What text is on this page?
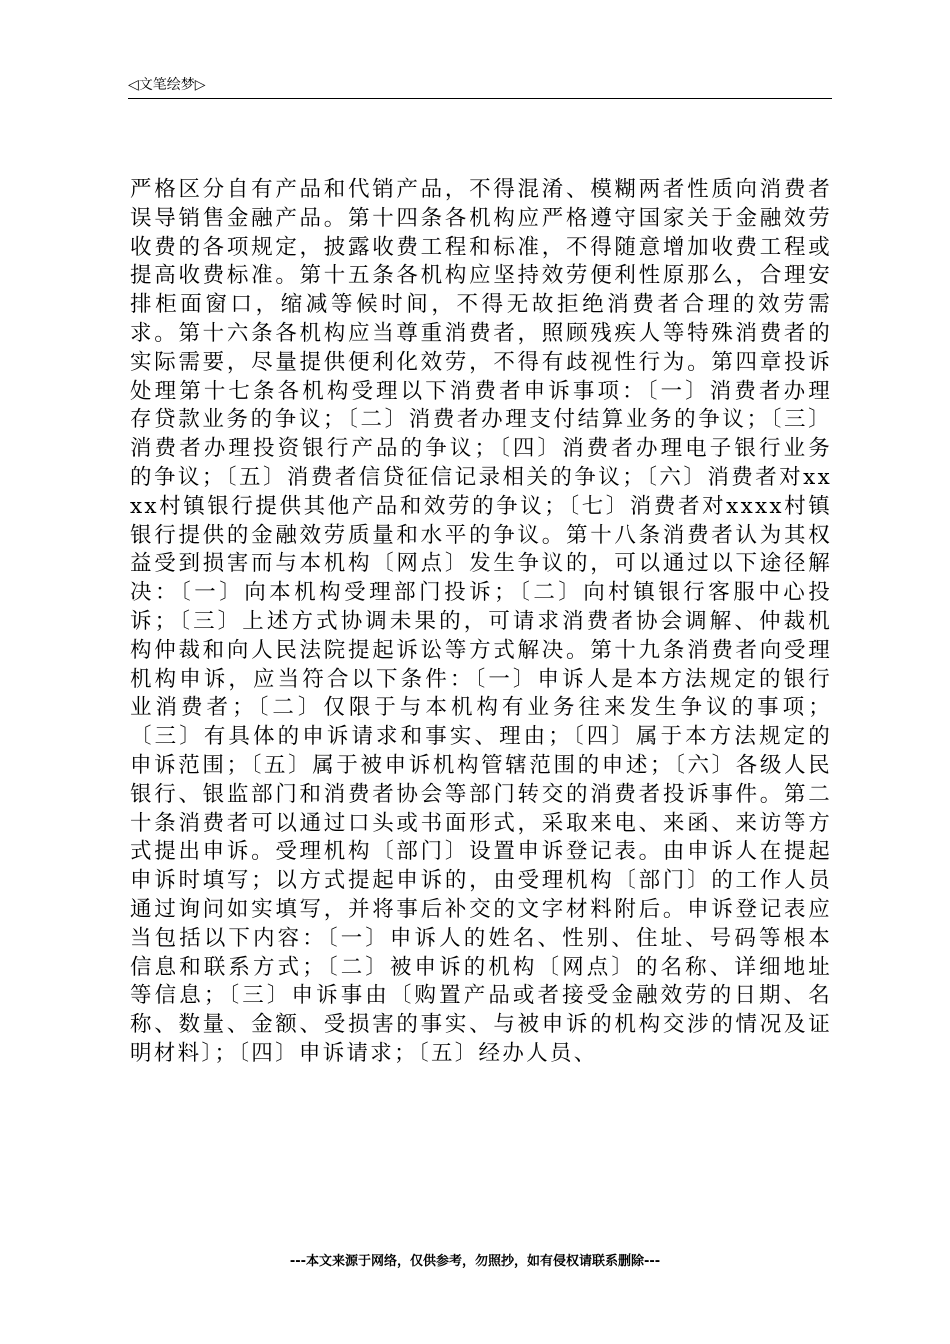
◁文笔绘梦▷
严格区分自有产品和代销产品，不得混淆、模糊两者性质向消费者误导销售金融产品。第十四条各机构应严格遵守国家关于金融效劳收费的各项规定，披露收费工程和标准，不得随意增加收费工程或提高收费标准。第十五条各机构应坚持效劳便利性原那么，合理安排柜面窗口，缩减等候时间，不得无故拒绝消费者合理的效劳需求。第十六条各机构应当尊重消费者，照顾残疾人等特殊消费者的实际需要，尽量提供便利化效劳，不得有歧视性行为。第四章投诉处理第十七条各机构受理以下消费者申诉事项：〔一〕消费者办理存贷款业务的争议；〔二〕消费者办理支付结算业务的争议；〔三〕消费者办理投资银行产品的争议；〔四〕消费者办理电子银行业务的争议；〔五〕消费者信贷征信记录相关的争议；〔六〕消费者对xxxx村镇银行提供其他产品和效劳的争议；〔七〕消费者对xxxx村镇银行提供的金融效劳质量和水平的争议。第十八条消费者认为其权益受到损害而与本机构〔网点〕发生争议的，可以通过以下途径解决：〔一〕向本机构受理部门投诉；〔二〕向村镇银行客服中心投诉；〔三〕上述方式协调未果的，可请求消费者协会调解、仲裁机构仲裁和向人民法院提起诉讼等方式解决。第十九条消费者向受理机构申诉，应当符合以下条件：〔一〕申诉人是本方法规定的银行业消费者；〔二〕仅限于与本机构有业务往来发生争议的事项；〔三〕有具体的申诉请求和事实、理由；〔四〕属于本方法规定的申诉范围；〔五〕属于被申诉机构管辖范围的申述；〔六〕各级人民银行、银监部门和消费者协会等部门转交的消费者投诉事件。第二十条消费者可以通过口头或书面形式，采取来电、来函、来访等方式提出申诉。受理机构〔部门〕设置申诉登记表。由申诉人在提起申诉时填写；以方式提起申诉的，由受理机构〔部门〕的工作人员通过询问如实填写，并将事后补交的文字材料附后。申诉登记表应当包括以下内容：〔一〕申诉人的姓名、性别、住址、号码等根本信息和联系方式；〔二〕被申诉的机构〔网点〕的名称、详细地址等信息；〔三〕申诉事由〔购置产品或者接受金融效劳的日期、名称、数量、金额、受损害的事实、与被申诉的机构交涉的情况及证明材料〕；〔四〕申诉请求；〔五〕经办人员、
---本文来源于网络，仅供参考，勿照抄，如有侵权请联系删除---
